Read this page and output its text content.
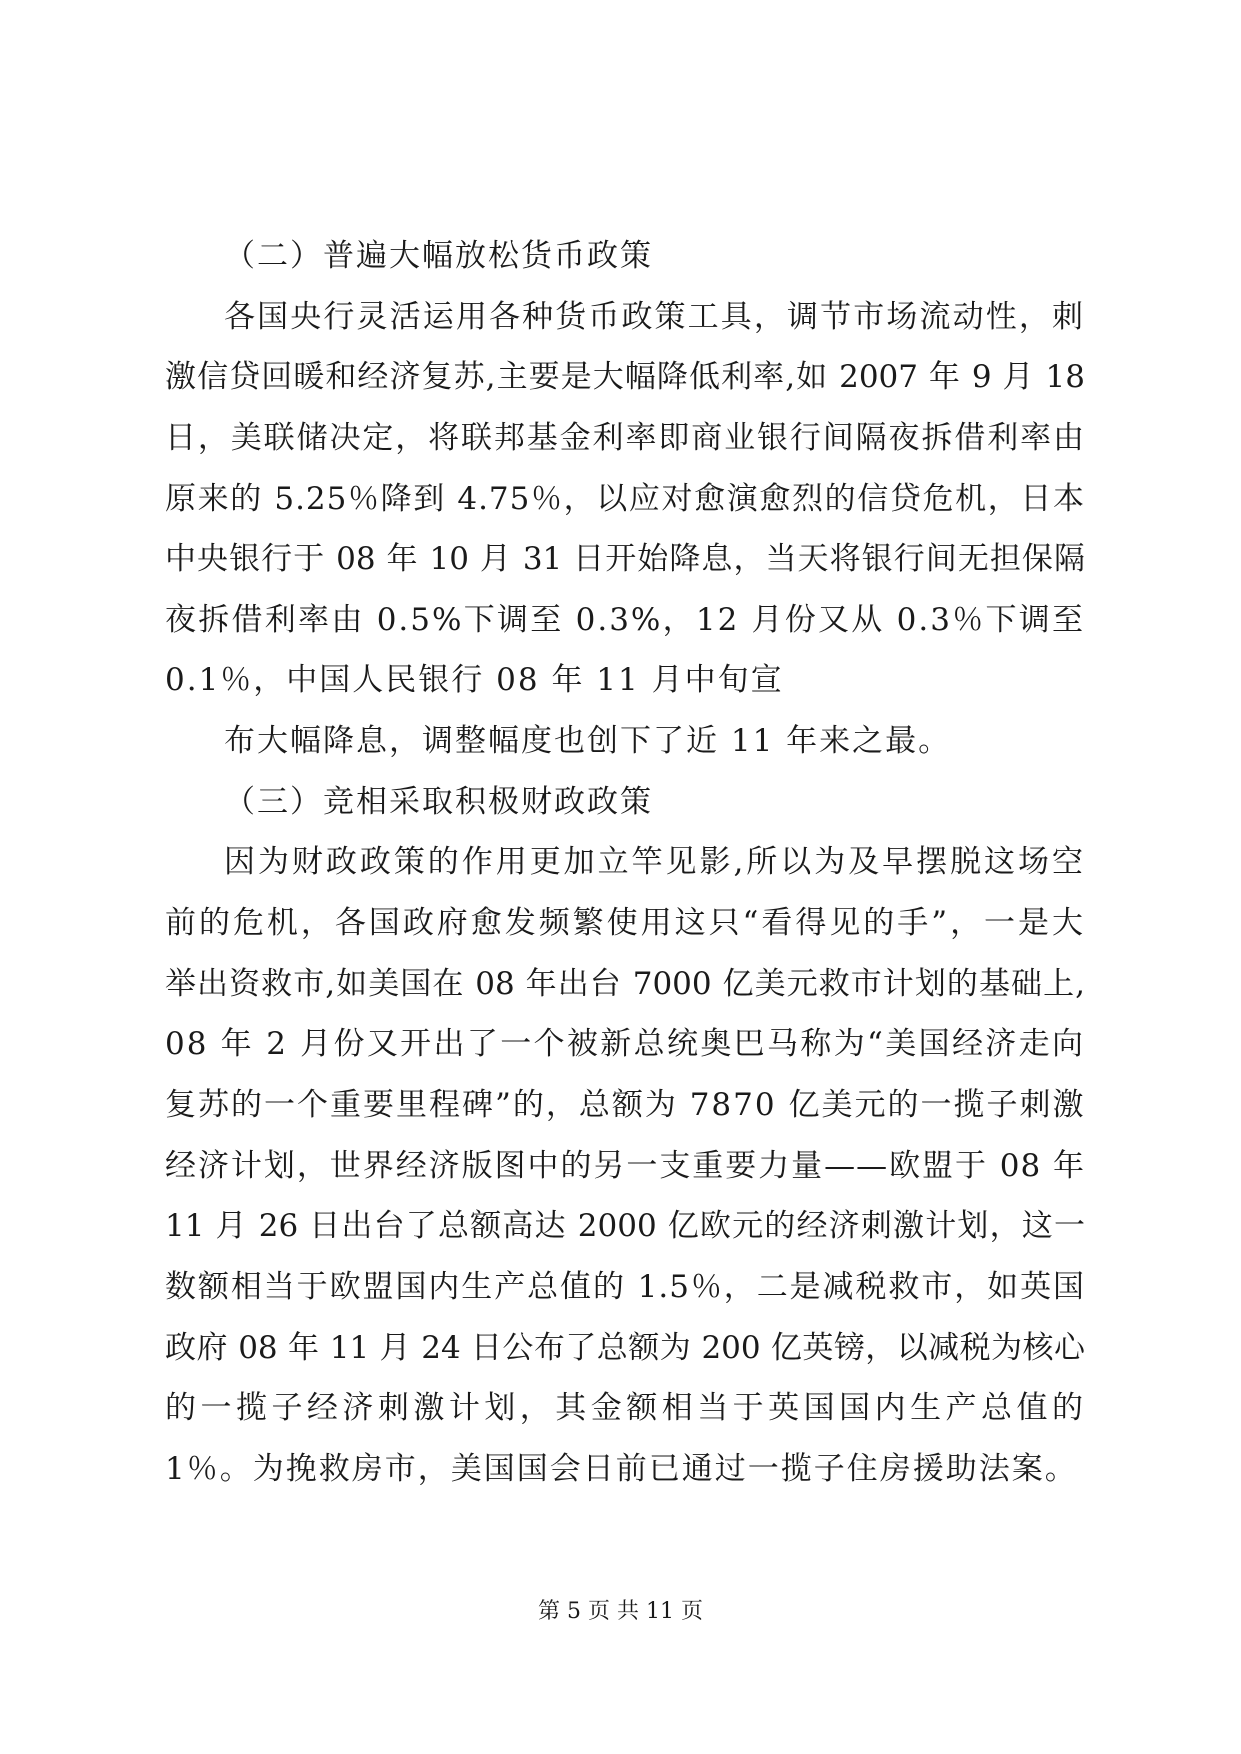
（二）普遍大幅放松货币政策
各国央行灵活运用各种货币政策工具，调节市场流动性，刺
激信贷回暖和经济复苏,主要是大幅降低利率,如 2007 年 9 月 18
日，美联储决定，将联邦基金利率即商业银行间隔夜拆借利率由
原来的 5.25％降到 4.75％，以应对愈演愈烈的信贷危机，日本
中央银行于 08 年 10 月 31 日开始降息，当天将银行间无担保隔
夜拆借利率由 0.5%下调至 0.3%，12 月份又从 0.3％下调至
0.1％，中国人民银行 08 年 11 月中旬宣
布大幅降息，调整幅度也创下了近 11 年来之最。
（三）竞相采取积极财政政策
因为财政政策的作用更加立竿见影,所以为及早摆脱这场空
前的危机，各国政府愈发频繁使用这只“看得见的手”，一是大
举出资救市,如美国在 08 年出台 7000 亿美元救市计划的基础上,
08 年 2 月份又开出了一个被新总统奥巴马称为“美国经济走向
复苏的一个重要里程碑”的，总额为 7870 亿美元的一揽子刺激
经济计划，世界经济版图中的另一支重要力量——欧盟于 08 年
11 月 26 日出台了总额高达 2000 亿欧元的经济刺激计划，这一
数额相当于欧盟国内生产总值的 1.5％，二是减税救市，如英国
政府 08 年 11 月 24 日公布了总额为 200 亿英镑，以减税为核心
的一揽子经济刺激计划，其金额相当于英国国内生产总值的
1％。为挽救房市，美国国会日前已通过一揽子住房援助法案。
第 5 页 共 11 页
